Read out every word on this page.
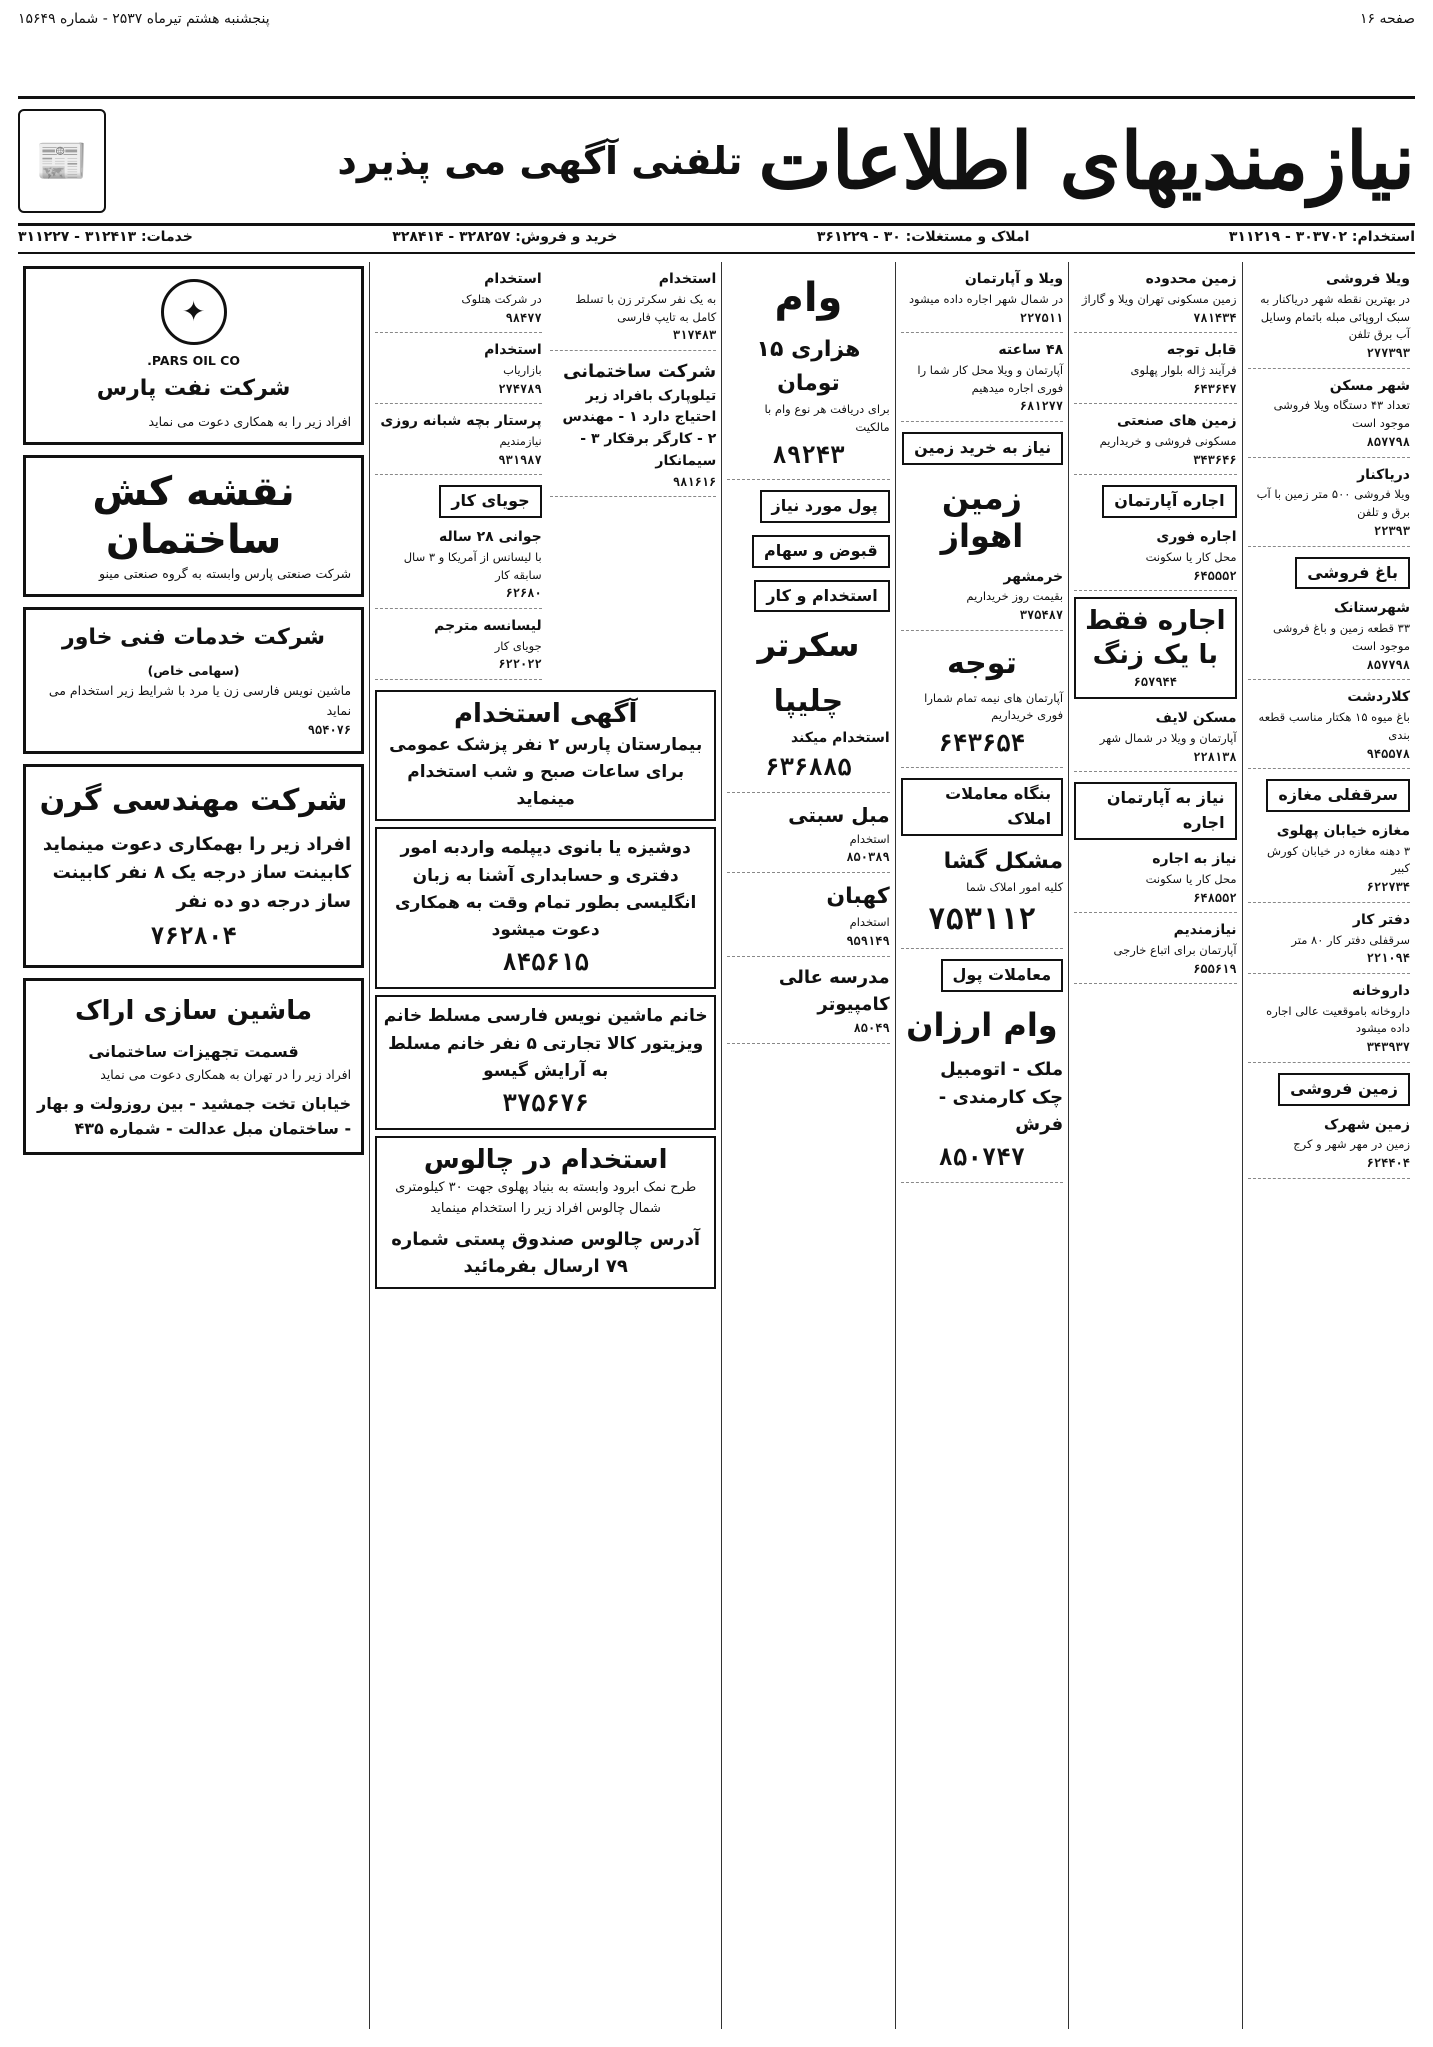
صفحه ۱۶
پنجشنبه هشتم تیرماه ۲۵۳۷ - شماره ۱۵۶۴۹
نیازمندیهای اطلاعات
تلفنی آگهی می پذیرد
📰
استخدام: ۳۰۳۷۰۲ - ۳۱۱۲۱۹
املاک و مستغلات: ۳۰ - ۳۶۱۲۲۹
خرید و فروش: ۳۲۸۲۵۷ - ۳۲۸۴۱۴
خدمات: ۳۱۲۴۱۳ - ۳۱۱۲۲۷
ویلا فروشی
در بهترین نقطه شهر دریاکنار به سبک اروپائی مبله باتمام وسایل آب برق تلفن
۲۷۷۳۹۳
شهر مسکن
تعداد ۴۳ دستگاه ویلا فروشی موجود است
۸۵۷۷۹۸
دریاکنار
ویلا فروشی ۵۰۰ متر زمین با آب برق و تلفن
۲۲۳۹۳
باغ فروشی
شهرستانک
۳۳ قطعه زمین و باغ فروشی موجود است
۸۵۷۷۹۸
کلاردشت
باغ میوه ۱۵ هکتار مناسب قطعه بندی
۹۴۵۵۷۸
سرقفلی مغازه
مغازه خیابان پهلوی
۳ دهنه مغازه در خیابان کورش کبیر
۶۲۲۷۳۴
دفتر کار
سرقفلی دفتر کار ۸۰ متر
۲۲۱۰۹۴
داروخانه
داروخانه باموقعیت عالی اجاره داده میشود
۳۴۳۹۳۷
زمین فروشی
زمین شهرک
زمین در مهر شهر و کرج
۶۲۴۴۰۴
زمین محدوده
زمین مسکونی تهران ویلا و گاراژ
۷۸۱۴۳۴
قابل توجه
فرآیند ژاله بلوار پهلوی
۶۴۳۶۴۷
زمین های صنعتی
مسکونی فروشی و خریداریم
۳۴۳۶۴۶
اجاره آپارتمان
اجاره فوری
محل کار یا سکونت
۶۴۵۵۵۲
اجاره فقط با یک زنگ
۶۵۷۹۴۴
مسکن لایف
آپارتمان و ویلا در شمال شهر
۲۲۸۱۳۸
نیاز به آپارتمان اجاره
نیاز به اجاره
محل کار یا سکونت
۶۴۸۵۵۲
نیازمندیم
آپارتمان برای اتباع خارجی
۶۵۵۶۱۹
ویلا و آپارتمان
در شمال شهر اجاره داده میشود
۲۲۷۵۱۱
۴۸ ساعته
آپارتمان و ویلا محل کار شما را فوری اجاره میدهیم
۶۸۱۲۷۷
نیاز به خرید زمین
زمین اهواز
خرمشهر
بقیمت روز خریداریم
۳۷۵۴۸۷
توجه
آپارتمان های نیمه تمام شمارا فوری خریداریم
۶۴۳۶۵۴
بنگاه معاملات املاک
مشکل گشا
کلیه امور املاک شما
۷۵۳۱۱۲
معاملات پول
وام ارزان
ملک - اتومبیل
چک کارمندی - فرش
۸۵۰۷۴۷
وام
هزاری ۱۵ تومان
برای دریافت هر نوع وام با مالکیت
۸۹۲۴۳
پول مورد نیاز قبوض و سهام استخدام و کار
سکرتر
چلیپا
استخدام میکند
۶۳۶۸۸۵
مبل سبتی
استخدام
۸۵۰۳۸۹
کهبان
استخدام
۹۵۹۱۴۹
مدرسه عالی کامپیوتر
۸۵۰۴۹
استخدام
به یک نفر سکرتر زن با تسلط کامل به تایپ فارسی
۳۱۷۴۸۳
شرکت ساختمانی
تیلوپارک بافراد زیر احتیاج دارد ۱ - مهندس ۲ - کارگر برقکار ۳ - سیمانکار
۹۸۱۶۱۶
استخدام
در شرکت هتلوک
۹۸۴۷۷
استخدام
بازاریاب
۲۷۴۷۸۹
پرستار بچه شبانه روزی
نیازمندیم
۹۳۱۹۸۷
جویای کار
جوانی ۲۸ ساله
با لیسانس از آمریکا و ۳ سال سابقه کار
۶۲۶۸۰
لیسانسه مترجم
جویای کار
۶۲۲۰۲۲
آگهی استخدام
بیمارستان پارس ۲ نفر پزشک عمومی برای ساعات صبح و شب استخدام مینماید
دوشیزه یا بانوی دیپلمه واردبه امور دفتری و حسابداری آشنا به زبان انگلیسی بطور تمام وقت به همکاری دعوت میشود
۸۴۵۶۱۵
خانم ماشین نویس فارسی مسلط خانم ویزیتور کالا تجارتی ۵ نفر خانم مسلط به آرایش گیسو
۳۷۵۶۷۶
استخدام در چالوس
طرح نمک ابرود وابسته به بنیاد پهلوی جهت ۳۰ کیلومتری شمال چالوس افراد زیر را استخدام مینماید
آدرس چالوس صندوق پستی شماره ۷۹ ارسال بفرمائید
✦
PARS OIL CO.
شرکت نفت پارس
افراد زیر را به همکاری دعوت می نماید
نقشه کش ساختمان
شرکت صنعتی پارس وابسته به گروه صنعتی مینو
شرکت خدمات فنی خاور
(سهامی خاص)
ماشین نویس فارسی زن یا مرد با شرایط زیر استخدام می نماید
۹۵۴۰۷۶
شرکت مهندسی گرن
افراد زیر را بهمکاری دعوت مینماید کابینت ساز درجه یک ۸ نفر کابینت ساز درجه دو ده نفر
۷۶۲۸۰۴
ماشین سازی اراک
قسمت تجهیزات ساختمانی
افراد زیر را در تهران به همکاری دعوت می نماید
خیابان تخت جمشید - بین روزولت و بهار - ساختمان مبل عدالت - شماره ۴۳۵
